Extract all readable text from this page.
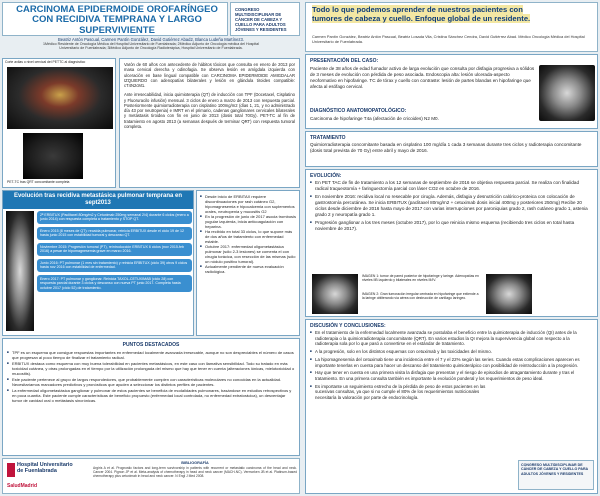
CARCINOMA EPIDERMOIDE OROFARÍNGEO CON RECIDIVA TEMPRANA Y LARGO SUPERVIVIENTE
CONGRESO MULTIDISCIPLINAR DE CÁNCER DE CABEZA Y CUELLO PARA ADULTOS JÓVENES Y RESIDENTES
Beatriz Antón Pascual, Carmen Pantín González, David Gutiérrez Abad2, Blanca Ludeña Martínez3.
1Médico Residente de Oncología Médica del Hospital Universitario de Fuenlabrada; 2Médico Adjunto de Oncología médica del Hospital
Universitario de Fuenlabrada; 3Médico Adjunto de Oncología Radioterápica, Hospital Universitario de Fuenlabrada.
Corte axilas o nivel cervical del PETTC al diagnóstico
PET-TC tras QRT concomitante completa
Varón de 60 años con antecedente de hábitos tóxicos que consulta en enero de 2013 por masa cervical derecha y odinofagia. Se observa lesión en amígdala izquierda con ulceración en base lingual compatible con CARCINOMA EPIDERMOIDE AMIGDALAR IZQUIERDO con adenopatías bilaterales y lesión en glándula tiroides compatible: cT4N2cM1.
Ante irresecabilidad, inicia quimioterapia (QT) de inducción con TPF (Docetaxel, Cisplatino y Fluoruracilo infusión) mensual. 3 ciclos de enero a marzo de 2013 con respuesta parcial. Posteriormente quimiorradioterapia con cisplatino 100mg/m2 (días 1, 21, y no administrado día 43 por neutropenia) e IMRT en el primario, cadenas ganglionares cervicales bilaterales y metástasis tiroidea con fin en junio de 2013 (dosis total 70Gy). PET-TC al fin de tratamiento en agosto 2013 (a semanas después de terminar QRT) con respuesta tumoral completa.
Evolución tras recidiva metastásica pulmonar temprana en sept2013
2ª ERBITUX (Paclitaxel 80mg/m2 y Cetuximab 250mg semanal 2/4) durante 6 ciclos (enero a junio 2014) con respuesta completa a tratamiento y STOP QT.
Enero 2015 (8 meses de QT): recaída pulmonar, reinicia ERBITUX desde el ciclo 19 de 12 hasta junio 2015 con estabilidad tumoral y descanso QT.
Noviembre 2015: Progresión tumoral (PT), reintroducción ERBITUX 6 ciclos (nov 2015-feb 2016) a pesar de hipomagnesemia grave en marzo 2016.
Junio 2016: PT pulmonar (1 mes sin tratamiento) y reinicia ERBITUX (ciclo 39) otros 9 ciclos hasta nov 2016 con estabilidad de enfermedad.
Enero 2017: PT pulmonar y ganglionar. Reinicia TAXOL-CETUXIMAB (ciclo 28) con respuesta parcial durante 3 ciclos y descanso con nueva PT junio 2017. Completa hasta octubre 2017 (ciclo 52) de tratamiento.
■ Desde inicio de ERBITAX requiere discontinuaciones por rash cutáneo G2, hipomagnesemia e hipocalcemia con suplementos orales, neutropenia y mucositis G2
■ En la progresión de junio de 2017 asocia trombosis yugular izquierda, inicia anticoagulación con heparina.
■ Ha recibido en total 33 ciclos, lo que supone más de dos años de tratamiento con enfermedad estable.
■ Octubre 2017: enfermedad oligometastásica pulmonar (sólo 2-3 lesiones) se comenta el con cirugía torácica, con resección de las mismas (sólo un nódulo positivo tumoral).
■ Actualmente pendiente de nueva evaluación radiológica.
PUNTOS DESTACADOS
■ TPF es un esquema que consigue respuestas importantes en enfermedad localmente avanzada irresecable, aunque no son despreciables el número de casos que progresan al poco tiempo de finalizar el tratamiento radical.
■ ERBITUX destaca como esquema con muy buena tolerabilidad en pacientes metastásicos, en este caso con llamativa sensibilidad. Todo su tratado en más toxicidad cutánea, y otras prolongadas en el tiempo por la utilización prolongada del mismo que hay que tener en cuenta (alteraciones iónicas, mielotoxicidad o mucositis).
■ Este paciente pertenece al grupo de largos respondedores, que probablemente cumplen con características moleculares no conocidas en la actualidad. Necesitaríamos marcadores predictivos y pronósticos que ayuden a seleccionar los distintos perfiles de pacientes.
■ La enfermedad oligometastásica ganglionar y pulmonar de estos pacientes se beneficia de modalidades pulmonares, basándose en estudios retrospectivos y en poca cuantía. Este paciente cumple características de beneficio propuesto (enfermedad local controlada, no enfermedad extratorácica), un desventajar tumor de cavidad oral o metástasis sincrónicas.
Hospital Universitario de Fuenlabrada
SaludMadrid
BIBLIOGRAFÍA
Argiris A et al. Prognostic factors and long-term survivorship in patients with recurrent or metastatic carcinoma of the head and neck. Cancer 2004. Pignon JP et al. Meta-analysis of chemotherapy in head and neck cancer (MACH-NC). Vermorken JB et al. Platinum-based chemotherapy plus cetuximab in head and neck cancer. N Engl J Med 2008.
Todo lo que podemos aprender de nuestros pacientes con
tumores de cabeza y cuello. Enfoque global de un residente.
Carmen Pantín González, Beatriz Antón Pascual, Beatriz Losada Vila, Cristina Sánchez Cendra, David Gutiérrez Abad. Médico Oncología Médica del Hospital Universitario de Fuenlabrada.
PRESENTACIÓN DEL CASO:
Paciente de 38 años de edad fumador activo de larga evolución que consulta por disfagia progresiva a sólidos de 3 meses de evolución con pérdida de peso asociada. Endoscopia alta: lesión ulcerada-aspecto neoformativo en hipofaringe. TC de tórax y cuello con contraste: lesión de partes blandas en hipofaringe que afecta al esófago cervical.
DIAGNÓSTICO ANATOMOPATOLÓGICO:
Carcinoma de hipofaringe T4a (afectación de cricoides) N2 M0.
TRATAMIENTO
Quimiorradioterapia concomitante basada en cisplatino 100 mg/día 1 cada 3 semanas durante tres ciclos y radioterapia concomitante (dosis total prevista de 70 Gy) entre abril y mayo de 2016.
EVOLUCIÓN:
■ En PET TAC de fin de tratamiento a los 12 semanas de septiembre de 2016 se objetiva respuesta parcial. Se realiza con finalidad radical traqueotomía + faringuectomía parcial con láser CO2 en octubre de 2016.
■ En noviembre 2016: recidiva local no resecable por cirugía. Además, disfagia y desnutrición calórico-proteica con colocación de gastrostomía percutánea. Se inicia ERBITUX (paclitaxel 80mg/m2 + cetuximab dosis inicial 400mg y posteriores 250mg) Recibe 20 ciclos desde diciembre de 2016 hasta mayo de 2017 con varias interrupciones por paroniquias grado 2, rash cutáneo grado 1, astenia grado 2 y neuropatía grado 1.
■ Progresión ganglionar a los tres meses (octubre 2017), por lo que reinicia mismo esquema (recibiendo tres ciclos en total hasta noviembre de 2017).
IMAGEN 1: tumor de pared posterior de hipofaringe y laringe. Adenopatías en niveles IIB izquierdo y bilaterales en niveles III/IV.
IMAGEN 2: Gran tumoración irregular centrada en hipofaringe que extiende a la laringe obliterando vía aérea con destrucción de cartílago laríngeo.
DISCUSIÓN Y CONCLUSIONES:
■ En el tratamiento de la enfermedad localmente avanzada se postulaba el beneficio entre la quimioterapia de inducción (QI) antes de la radioterapia o la quimiorradioterapia concomitante (QRT). En varios estudios la QI mejora la supervivencia global con respecto a la radioterapia sola por lo que pasó a convertirse en el estándar de tratamiento.
■ A la progresión, solo en los distintos esquemas con cetuximab y las toxicidades del mismo.
■ La hipomagnesemia del cetuximab tiene una incidencia entre el 7 y el 22% según las series. Cuando estas complicaciones aparecen es importante tenerlas en cuenta para hacer un descanso del tratamiento quimioterápico con posibilidad de reintroducción a la progresión.
■ Hay que tener en cuenta en una primera visita la disfagia que presentan y el riesgo de episodios de atragantamiento durante y tras el tratamiento. En una primera consulta también es importante la evolución ponderal y los requerimientos de peso ideal.
■ Es importante un seguimiento estrecho de la pérdida de peso de estos pacientes en las sucesivas consultas, ya que si no cumple el 80% de los requerimientos nutricionales necesitaría la valoración por parte de endocrinología.
CONGRESO MULTIDISCIPLINAR DE CÁNCER DE CABEZA Y CUELLO PARA ADULTOS JÓVENES Y RESIDENTES
